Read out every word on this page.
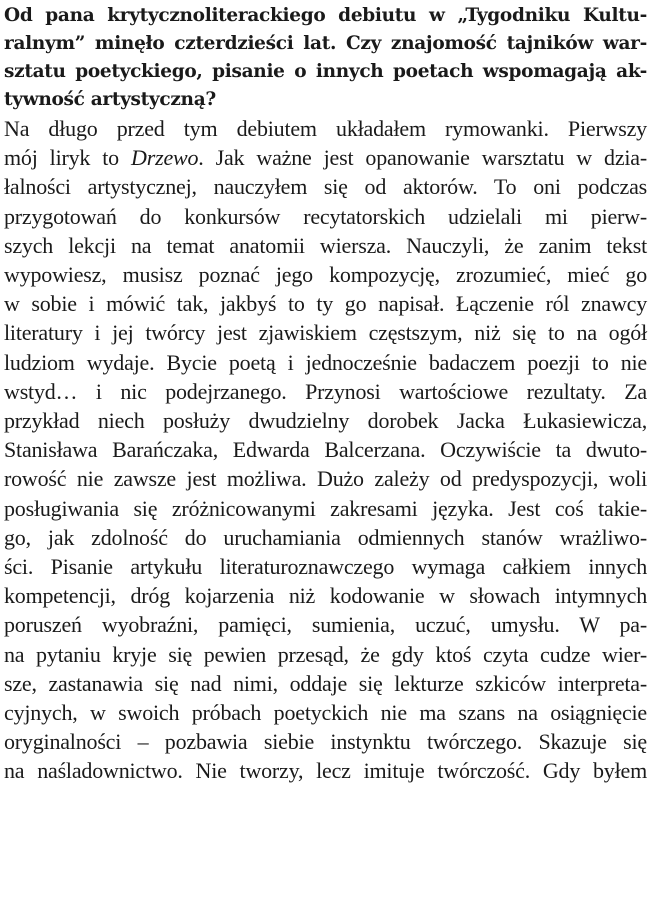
Od pana krytycznoliterackiego debiutu w „Tygodniku Kultu-
ralnym” minęło czterdzieści lat. Czy znajomość tajników war-
sztatu poetyckiego, pisanie o innych poetach wspomagają ak-
tywność artystyczną?
Na długo przed tym debiutem układałem rymowanki. Pierwszy
mój liryk to Drzewo. Jak ważne jest opanowanie warsztatu w dzia-
łalności artystycznej, nauczyłem się od aktorów. To oni podczas
przygotowań do konkursów recytatorskich udzielali mi pierw-
szych lekcji na temat anatomii wiersza. Nauczyli, że zanim tekst
wypowiesz, musisz poznać jego kompozycję, zrozumieć, mieć go
w sobie i mówić tak, jakbyś to ty go napisał. Łączenie ról znawcy
literatury i jej twórcy jest zjawiskiem częstszym, niż się to na ogół
ludziom wydaje. Bycie poetą i jednocześnie badaczem poezji to nie
wstyd… i nic podejrzanego. Przynosi wartościowe rezultaty. Za
przykład niech posłuży dwudzielny dorobek Jacka Łukasiewicza,
Stanisława Barańczaka, Edwarda Balcerzana. Oczywiście ta dwuto-
rowość nie zawsze jest możliwa. Dużo zależy od predyspozycji, woli
posługiwania się zróżnicowanymi zakresami języka. Jest coś takie-
go, jak zdolność do uruchamiania odmiennych stanów wrażliwo-
ści. Pisanie artykułu literaturoznawczego wymaga całkiem innych
kompetencji, dróg kojarzenia niż kodowanie w słowach intymnych
poruszeń wyobraźni, pamięci, sumienia, uczuć, umysłu. W pa-
na pytaniu kryje się pewien przesąd, że gdy ktoś czyta cudze wier-
sze, zastanawia się nad nimi, oddaje się lekturze szkiców interpreta-
cyjnych, w swoich próbach poetyckich nie ma szans na osiągnięcie
oryginalności – pozbawia siebie instynktu twórczego. Skazuje się
na naśladownictwo. Nie tworzy, lecz imituje twórczość. Gdy byłem
